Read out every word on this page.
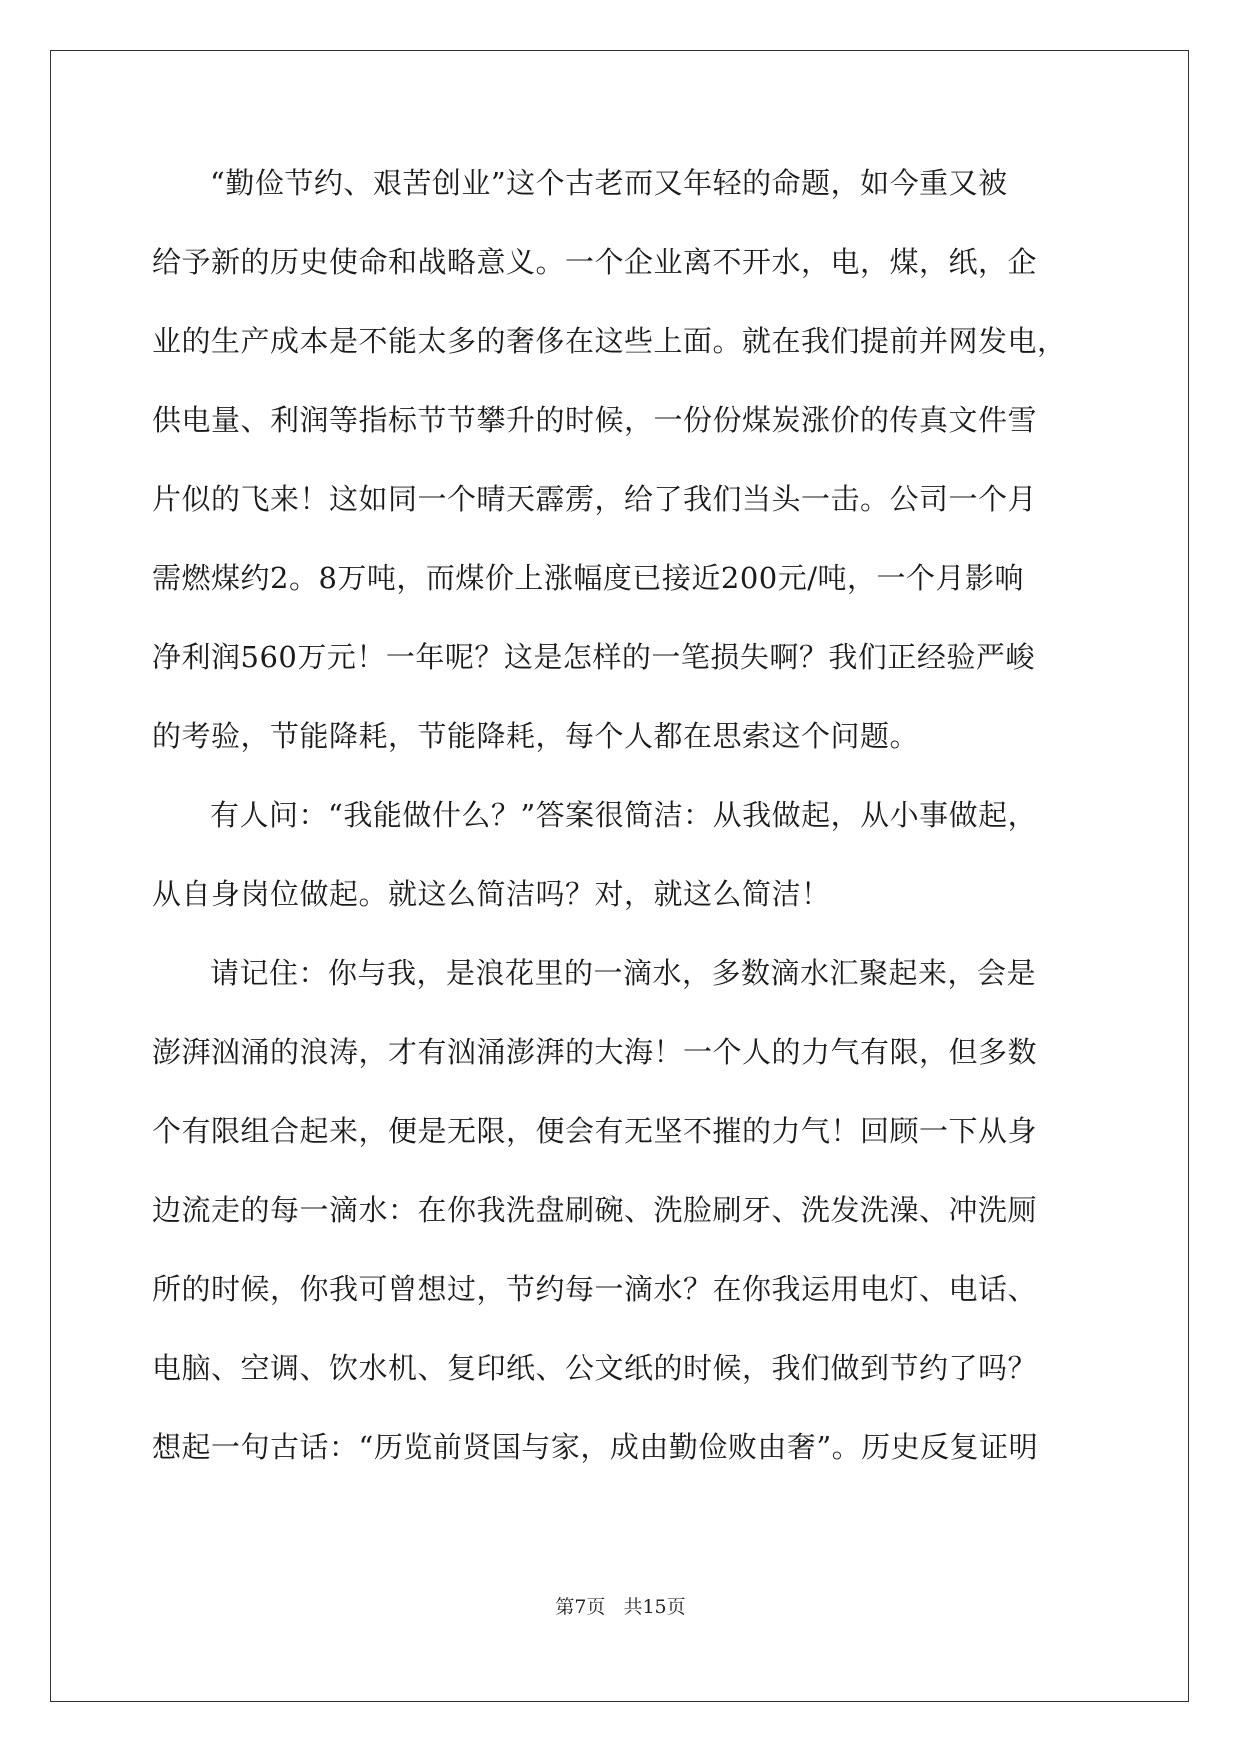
“勤俭节约、艰苦创业”这个古老而又年轻的命题，如今重又被
给予新的历史使命和战略意义。一个企业离不开水，电，煤，纸，企
业的生产成本是不能太多的奢侈在这些上面。就在我们提前并网发电，
供电量、利润等指标节节攀升的时候，一份份煤炭涨价的传真文件雪
片似的飞来！这如同一个晴天霹雳，给了我们当头一击。公司一个月
需燃煤约2。8万吨，而煤价上涨幅度已接近200元/吨，一个月影响
净利润560万元！一年呢？这是怎样的一笔损失啊？我们正经验严峻
的考验，节能降耗，节能降耗，每个人都在思索这个问题。
有人问：“我能做什么？”答案很简洁：从我做起，从小事做起，
从自身岗位做起。就这么简洁吗？对，就这么简洁！
请记住：你与我，是浪花里的一滴水，多数滴水汇聚起来，会是
澎湃汹涌的浪涛，才有汹涌澎湃的大海！一个人的力气有限，但多数
个有限组合起来，便是无限，便会有无坚不摧的力气！回顾一下从身
边流走的每一滴水：在你我洗盘刷碗、洗脸刷牙、洗发洗澡、冲洗厕
所的时候，你我可曾想过，节约每一滴水？在你我运用电灯、电话、
电脑、空调、饮水机、复印纸、公文纸的时候，我们做到节约了吗？
想起一句古话：“历览前贤国与家，成由勤俭败由奢”。历史反复证明
第7页 共15页
